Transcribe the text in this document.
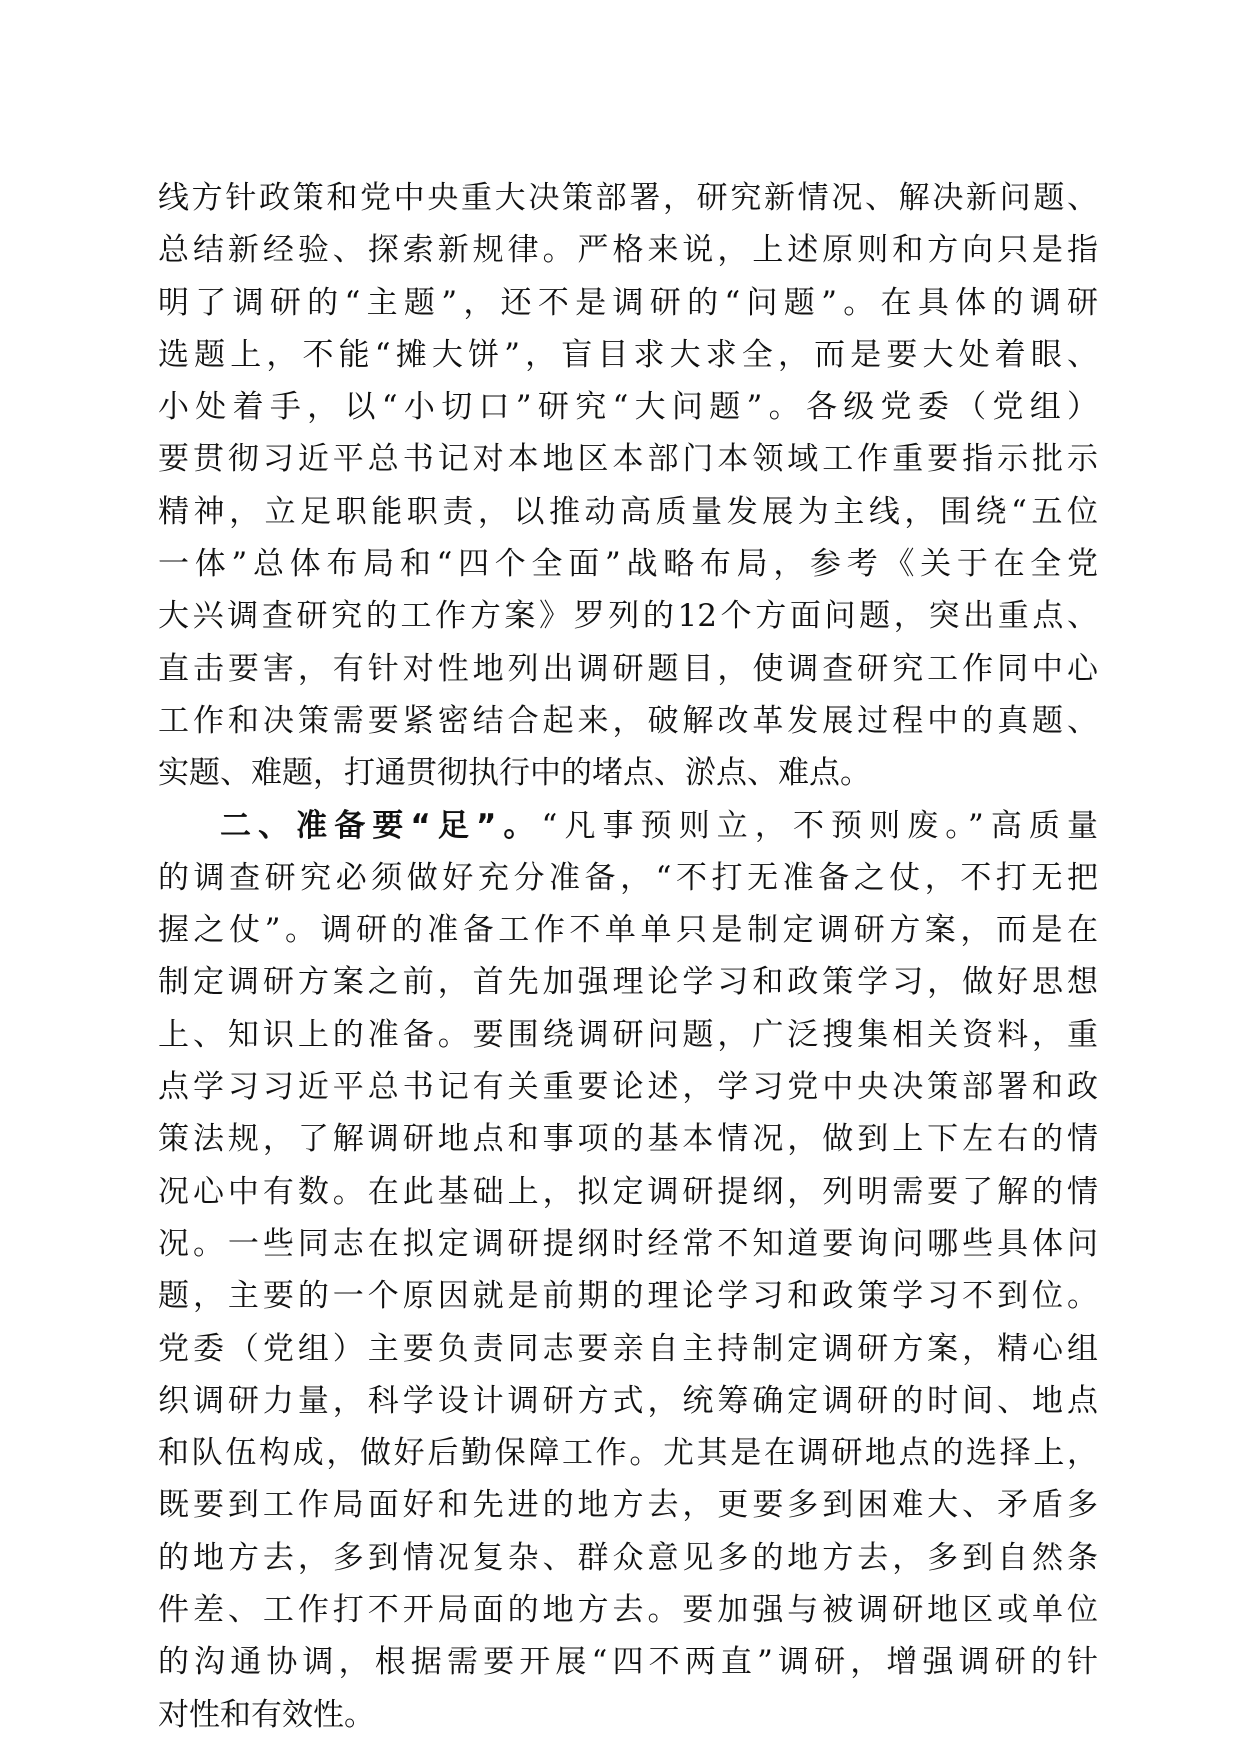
线方针政策和党中央重大决策部署，研究新情况、解决新问题、
总结新经验、探索新规律。严格来说，上述原则和方向只是指
明了调研的“主题”，还不是调研的“问题”。在具体的调研
选题上，不能“摊大饼”，盲目求大求全，而是要大处着眼、
小处着手，以“小切口”研究“大问题”。各级党委（党组）
要贯彻习近平总书记对本地区本部门本领域工作重要指示批示
精神，立足职能职责，以推动高质量发展为主线，围绕“五位
一体”总体布局和“四个全面”战略布局，参考《关于在全党
大兴调查研究的工作方案》罗列的12个方面问题，突出重点、
直击要害，有针对性地列出调研题目，使调查研究工作同中心
工作和决策需要紧密结合起来，破解改革发展过程中的真题、
实题、难题，打通贯彻执行中的堵点、淤点、难点。
二、准备要“足”。“凡事预则立，不预则废。”高质量
的调查研究必须做好充分准备，“不打无准备之仗，不打无把
握之仗”。调研的准备工作不单单只是制定调研方案，而是在
制定调研方案之前，首先加强理论学习和政策学习，做好思想
上、知识上的准备。要围绕调研问题，广泛搜集相关资料，重
点学习习近平总书记有关重要论述，学习党中央决策部署和政
策法规，了解调研地点和事项的基本情况，做到上下左右的情
况心中有数。在此基础上，拟定调研提纲，列明需要了解的情
况。一些同志在拟定调研提纲时经常不知道要询问哪些具体问
题，主要的一个原因就是前期的理论学习和政策学习不到位。
党委（党组）主要负责同志要亲自主持制定调研方案，精心组
织调研力量，科学设计调研方式，统筹确定调研的时间、地点
和队伍构成，做好后勤保障工作。尤其是在调研地点的选择上，
既要到工作局面好和先进的地方去，更要多到困难大、矛盾多
的地方去，多到情况复杂、群众意见多的地方去，多到自然条
件差、工作打不开局面的地方去。要加强与被调研地区或单位
的沟通协调，根据需要开展“四不两直”调研，增强调研的针
对性和有效性。
